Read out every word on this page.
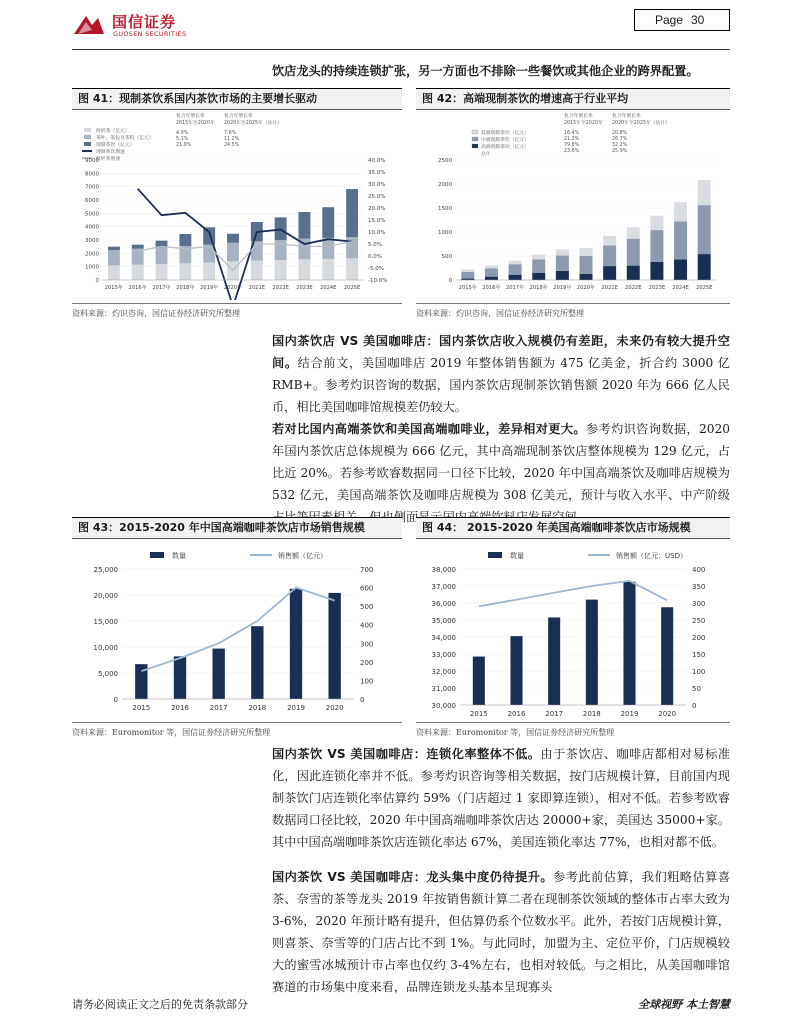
国信证券
GUOSEN SECURITIES
Page 30
饮店龙头的持续连锁扩张，另一方面也不排除一些餐饮或其他企业的跨界配置。
图 41：现制茶饮系国内茶饮市场的主要增长驱动	图 42：高端现制茶饮的增速高于行业平均
鲜奶茶（亿元）
茶叶、茶包及茶粉（亿元）
现制茶饮（亿元）
现制茶饮增速
鲜奶茶增速
复合年增长率
2015年至2020年
复合年增长率
2020年至2025年（估计）
4.0%
5.1%
21.9%
7.0%
11.2%
24.5%
0
1000
2000
3000
4000
5000
6000
7000
8000
9000
-10.0%
-5.0%
0.0%
5.0%
10.0%
15.0%
20.0%
25.0%
30.0%
35.0%
40.0%
2015年 2016年 2017年 2018年 2019年 2020年 2021E 2022E 2023E 2024E 2025E
低端现制茶饮（亿元）
中端现制茶饮（亿元）
高端现制茶饮（亿元）
总计
复合年增长率
2015年至2020年
复合年增长率
2020年至2025年（估计）
16.4%
21.2%
79.8%
23.6%
20.8%
26.7%
32.2%
25.9%
0
500
1000
1500
2000
2500
2015年 2016年 2017年 2018年 2019年 2020年 2021E 2022E 2023E 2024E 2025E
资料来源：灼识咨询，国信证券经济研究所整理	资料来源：灼识咨询，国信证券经济研究所整理
国内茶饮店 VS 美国咖啡店：国内茶饮店收入规模仍有差距，未来仍有较大提升空间。结合前文，美国咖啡店 2019 年整体销售额为 475 亿美金，折合约 3000 亿 RMB+。参考灼识咨询的数据，国内茶饮店现制茶饮销售额 2020 年为 666 亿人民币，相比美国咖啡馆规模差仍较大。
若对比国内高端茶饮和美国高端咖啡业，差异相对更大。参考灼识咨询数据，2020 年国内茶饮店总体规模为 666 亿元，其中高端现制茶饮店整体规模为 129 亿元，占比近 20%。若参考欧睿数据同一口径下比较，2020 年中国高端茶饮及咖啡店规模为 532 亿元，美国高端茶饮及咖啡店规模为 308 亿美元，预计与收入水平、中产阶级 侧面
图 43：2015-2020 年中国高端咖啡茶饮店市场销售规模	图 44： 2015-2020 年美国高端咖啡茶饮店市场规模
数量	销售额（亿元）
0
5,000
10,000
15,000
20,000
25,000
0
100
200
300
400
500
600
700
2015	2016	2017	2018	2019	2020
数量	销售额（亿元：USD）
30,000
31,000
32,000
33,000
34,000
35,000
36,000
37,000
38,000
0
50
100
150
200
250
300
350
400
2015	2016	2017	2018	2019	2020
资料来源：Euromonitor 等，国信证券经济研究所整理	资料来源：Euromonitor 等，国信证券经济研究所整理
国内茶饮 VS 美国咖啡店：连锁化率整体不低。由于茶饮店、咖啡店都相对易标准化，因此连锁化率并不低。参考灼识咨询等相关数据，按门店规模计算，目前国内现制茶饮门店连锁化率估算约 59%（门店超过 1 家即算连锁），相对不低。若参考欧睿数据同口径比较，2020 年中国高端咖啡茶饮店达 20000+家，美国达 35000+家。其中中国高端咖啡茶饮店连锁化率达 67%，美国连锁化率达 77%，也相对都不低。
国内茶饮 VS 美国咖啡店：龙头集中度仍待提升。参考此前估算，我们粗略估算喜茶、奈雪的茶等龙头 2019 年按销售额计算二者在现制茶饮领域的整体市占率大致为 3-6%，2020 年预计略有提升，但估算仍系个位数水平。此外，若按门店规模计算，则喜茶、奈雪等的门店占比不到 1%。与此同时，加盟为主、定位平价，门店规模较大的蜜雪冰城预计市占率也仅约 3-4%左右，也相对较低。与之相比，从美国咖啡馆赛道的市场集中度来看，品牌连锁龙头基本呈现寡头
请务必阅读正文之后的免责条款部分	全球视野 本土智慧
